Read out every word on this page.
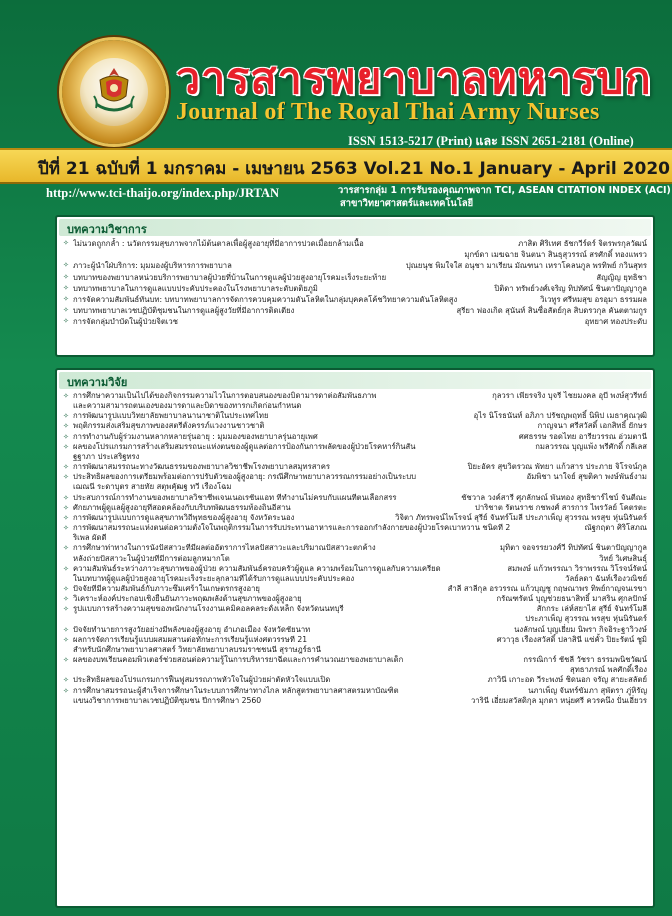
วารสารพยาบาลทหารบก
Journal of The Royal Thai Army Nurses
ISSN 1513-5217 (Print) และ ISSN 2651-2181 (Online)
ปีที่ 21 ฉบับที่ 1 มกราคม - เมษายน 2563 Vol.21 No.1 January - April 2020
http://www.tci-thaijo.org/index.php/JRTAN	วารสารกลุ่ม 1 การรับรองคุณภาพจาก TCI, ASEAN CITATION INDEX (ACI)
สาขาวิทยาศาสตร์และเทคโนโลยี
บทความวิชาการ
✧ ไม่นวดถูกกล้ำ : นวัตกรรมสุขภาพจากไม้ต้นตาลเพื่อผู้สูงอายุที่มีอาการปวดเมื่อยกล้ามเนื้อ	ภาสิต ศิริเทศ ธัชกวีร์ดร์ จิตรพรกุลวัฒน์
มุกข์ดา เมฆฉาย จินตนา สินธุสุวรรณ์ สรศักดิ์ ทองแพรว
✧ ภาวะผู้นำใฝ่บริการ: มุมมองผู้บริหารการพยาบาล	ปุณยนุช พิมใจใส อนุชา มาเรียน มัณฑนา เหราโคลนกูล พรทิพย์ กวินสุทร
✧ บทบาทของพยาบาลหน่วยบริการพยาบาลผู้ป่วยที่บ้านในการดูแลผู้ป่วยสูงอายุโรคมะเร็งระยะท้าย	สัญญิญ ยุทธิชา
✧ บทบาทพยาบาลในการดูแลแบบประคับประคองในโรงพยาบาลระดับตติยภูมิ	ปิติดา ทรัพย์วงศ์เจริญ ทิปทัศน์ ชินตาปัญญากูล
✧ การจัดความสัมพันธ์ทันบท: บทบาทพยาบาลการจัดการควบคุมความดันโลหิตในกลุ่มบุคคลโค้ชวิทยาความดันโลหิตสูง	วิเวทูร ศรีหมสุข อรอุมา ธรรมผล
✧ บทบาทพยาบาลเวชปฏิบัติชุมชนในการดูแลผู้สูงวัยที่มีอาการติดเตียง	สุรียา ฟองเกิด สุนันท์ สินซื่อสัตย์กุล สิบดรวกุล คันตตามกูร
✧ การจัดกลุ่มบำบัดในผู้ป่วยจิตเวช	อุทยาศ ทองประดับ
บทความวิจัย
✧ การศึกษาความเป็นไปได้ของกิจกรรมความไวในการตอบสนองของบิดามารดาต่อสัมพันธภาพ	กุลวรา เพียรจริง บุจรี ไชยมงคล อุบี พงษ์สุวรีทย์
และความสามารถตนเองของมารดาและบิดาของทารกเกิดก่อนกำหนด
✧ การพัฒนารูปแบบวิทยาลัยพยาบาลนานาชาติในประเทศไทย	อุไร นิโรธนันท์ อภิภา ปรัชญพฤทธิ์ นิพิป เมธาคุณวุฒิ
✧ พฤติกรรมส่งเสริมสุขภาพของสตรีตั้งครรภ์แวงงานชาวชาติ	กาญจนา ศรีสวัสดิ์ เอกสิทธิ์ ยักษร
✧ การทำงานกับผู้ร่วมงานหลากหลายรุ่นอายุ : มุมมองของพยาบาลรุ่นอายุเพศ	ศศธรรษ รอดไทย อารียวรรณ อ่วมตานี
✧ ผลของโปรแกรมการสร้างเสริมสมรรถนะแห่งตนของผู้ดูแลต่อการป้องกันการพลัดของผู้ป่วยโรคหาร์กินสัน	กมลวรรณ บุญแพ้ง พรีศักดิ์ กลีเลส
ฐฐาภา ประเสริฐทรง
✧ การพัฒนาสมรรถนะทางวัฒนธรรมของพยาบาลวิชาชีพโรงพยาบาลสมุทรสาคร	ปิยะอัคร สุขวิตรวณ พัทยา แก้วสาร ประภาย จิโรจน์กุล
✧ ประสิทธิผลของการเตรียมพร้อมต่อการปรับตัวของผู้สูงอายุ: กรณีศึกษาพยาบาลวรรณกรรมอย่างเป็นระบบ	อัมพิชา นาใจย์ สุขติคา พงษ์พันธ์งาม
เฌณนี ระดาบุตร สายทัย สตุพคุัฒฐ ทวี เรืองโฉม
✧ ประสบการณ์การทำงานของพยาบาลวิชาชีพเจนเนอเรชั่นแอท ที่ทำงานไม่ครบกับแผนที่ตนเลือกสรร	ชัชวาล วงค์สารี ศุภลักษณ์ พันทอง สุทธิชาร์ไชบ์ จันตีณะ
✧ ศักยภาพผู้ดูแลผู้สูงอายุที่สอดคล้องกับบริบทพัฒนธรรมท้องถิ่นอีสาน	ปาริชาต รัตนราช กชพงศ์ สารการ ไพรวัลย์ โคตรตะ
✧ การพัฒนารูปแบบการดูแลสุขภาพวิถีพุทธของผู้สูงอายุ จังหวัดระนอง	วิจิตา ภัทรพจน์ไพโรจน์ สุรีย์ จันทร์โมลี ประภาเพ็ญ สุวรรณ พรสุข หุ่นนิรันดร์
✧ การพัฒนาสมรรถนะแห่งตนต่อความตั้งใจในพฤติกรรมในการรับประทานอาหารและการออกกำลังกายของผู้ป่วยโรคเบาหวาน ชนิดที่ 2	ณัฐกฤตา ศิริโสภณ
ริเพล ผัดดี
✧ การศึกษาท่าทางในการนั่งปัสสาวะที่มีผลต่ออัตราการไหลปัสสาวะและปริมาณปัสสาวะตกค้าง	มุทิตา จอจรรยวงศ์วี ทิปทัศน์ ชินตาปัญญากูล
หลังถ่ายปัสสาวะในผู้ป่วยที่มีการต่อมลูกหมากโต	วิทย์ วิเศษสินธุ์
✧ ความสัมพันธ์ระหว่างภาวะสุขภาพของผู้ป่วย ความสัมพันธ์ครอบครัวผู้ดูแล ความพร้อมในการดูแลกับความเครียด	สมพงษ์ แก้วพรรณา วิราพรรณ วิโรจน์รัตน์
ในบทบาทผู้ดูแลผู้ป่วยสูงอายุโรคมะเร็งระยะลุกลามที่ได้รับการดูแลแบบประคับประคอง	วัลย์ลดา ฉันท์เรืองวณิชย์
✧ ปัจจัยที่มีความสัมพันธ์กับภาวะซึมเศร้าในเกษตรกรสูงอายุ	สำลี สาลีกุล อรวรรณ แก้วบุญชู กฤษณาพร ทิพย์กาญจนเรขา
✧ วิเคราะห์องค์ประกอบเชิงยืนยันภาวะพฤฒพลังด้านสุขภาพของผู้สูงอายุ	กรัณฑรัตน์ บุญช่วยธนาสิทธิ์ มาสริน ศุกลปักษ์
✧ รูปแบบการสร้างความสุขของพนักงานโรงงานเคมิคอลคลระดั้งเหล็ก จังหวัดนนทบุรี	สักกระ เล่ห์สยาไส สุรีย์ จันทร์โมลี
ประภาเพ็ญ สุวรรณ พรสุข หุ่นนิรันดร์
✧ ปัจจัยทำนายการสูงวัยอย่างมีพลังของผู้สูงอายุ อำเภอเมือง จังหวัดชัยนาท	นงลักษณ์ บุญเยี่ยม นิพรา กิจอิระฐาวิวงษ์
✧ ผลการจัดการเรียนรู้แบบผสมผสานต่อทักษะการเรียนรู้แห่งศตวรรษที่ 21	ศวาวุธ เรืองสวัสดิ์ ปลาสินี แซ่คั้ว ปิยะรัตน์ ชูมิ
สำหรับนักศึกษาพยาบาลศาสตร์ วิทยาลัยพยาบาลบรมราชชนนี สุราษฎร์ธานี
✧ ผลของบทเรียนคอมพิวเตอร์ช่วยสอนต่อความรู้ในการบริหารยาฉีดและการคำนวณยาของพยาบาลเด็ก	กรรณิการ์ ชัชลี วัชรา ธรรมพนิชวัฒน์
สุทธาภรณ์ พลศักดิ์เรือง
✧ ประสิทธิผลของโปรแกรมการฟื้นฟูสมรรถภาพหัวใจในผู้ป่วยผ่าตัดหัวใจแบบเปิด	ภาวินี เกาะอด วีระพงษ์ ชิดนอก จรัญ สายะสลัตย์
✧ การศึกษาสมรรถนะผู้สำเร็จการศึกษาในระบบการศึกษาทางไกล หลักสูตรพยาบาลศาสตรมหาบัณฑิต	นภาเพ็ญ จันทร์ขัมภา สุพัตรา ภู่หิรัญ
แขนงวิชาการพยาบาลเวชปฏิบัติชุมชน ปีการศึกษา 2560	วารินี เอี่ยมสวัสดิกุล มุกดา หนุ่ยศรี ควรคนึง ปั่นเอี่ยวร
